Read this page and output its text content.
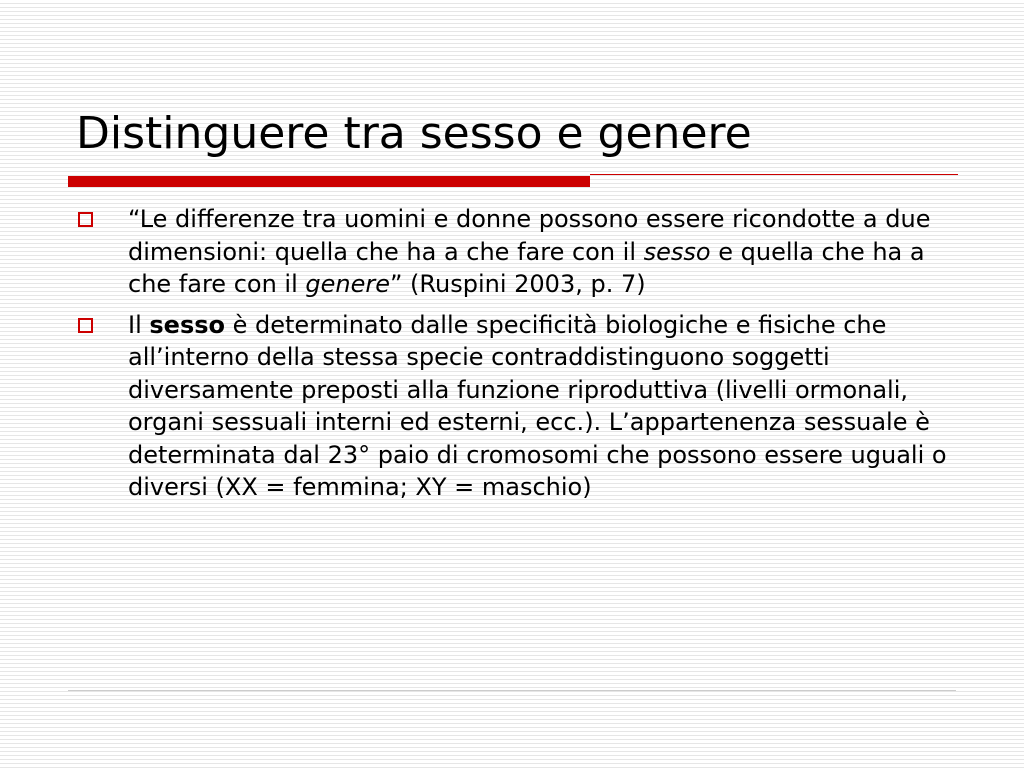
Distinguere tra sesso e genere
“Le differenze tra uomini e donne possono essere ricondotte a due dimensioni: quella che ha a che fare con il sesso e quella che ha a che fare con il genere” (Ruspini 2003, p. 7)
Il sesso è determinato dalle specificità biologiche e fisiche che all’interno della stessa specie contraddistinguono soggetti diversamente preposti alla funzione riproduttiva (livelli ormonali, organi sessuali interni ed esterni, ecc.). L’appartenenza sessuale è determinata dal 23° paio di cromosomi che possono essere uguali o diversi (XX = femmina; XY = maschio)
